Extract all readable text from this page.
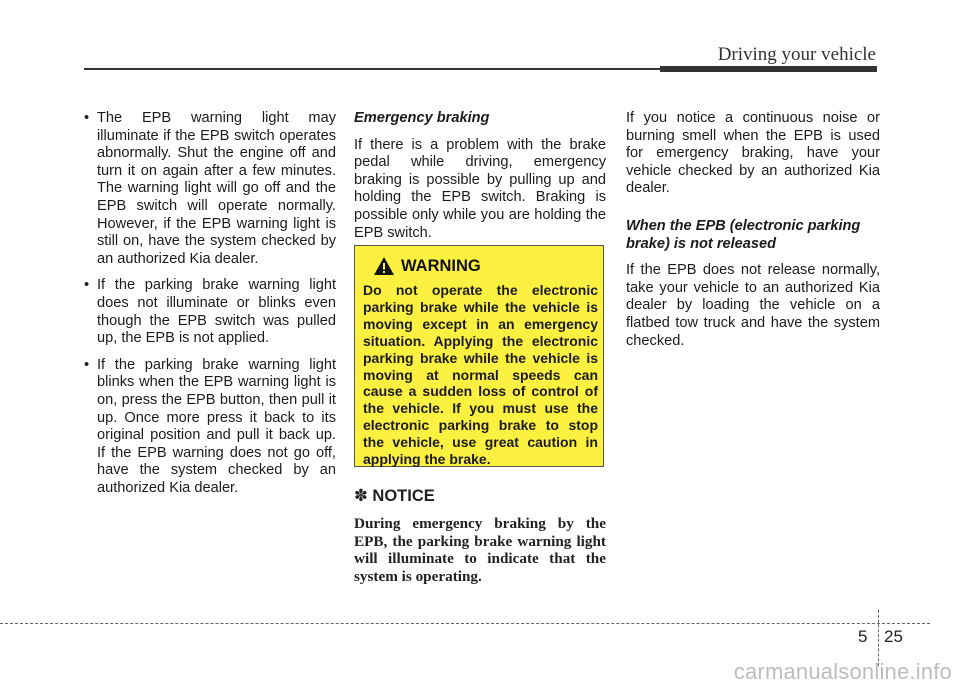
Driving your vehicle
• The EPB warning light may illuminate if the EPB switch operates abnormally. Shut the engine off and turn it on again after a few minutes. The warning light will go off and the EPB switch will operate normally. However, if the EPB warning light is still on, have the system checked by an authorized Kia dealer.
• If the parking brake warning light does not illuminate or blinks even though the EPB switch was pulled up, the EPB is not applied.
• If the parking brake warning light blinks when the EPB warning light is on, press the EPB button, then pull it up. Once more press it back to its original position and pull it back up. If the EPB warning does not go off, have the system checked by an authorized Kia dealer.

Emergency braking

If there is a problem with the brake pedal while driving, emergency braking is possible by pulling up and holding the EPB switch. Braking is possible only while you are holding the EPB switch.

WARNING
Do not operate the electronic parking brake while the vehicle is moving except in an emergency situation. Applying the electronic parking brake while the vehicle is moving at normal speeds can cause a sudden loss of control of the vehicle. If you must use the electronic parking brake to stop the vehicle, use great caution in applying the brake.

✽ NOTICE

During emergency braking by the EPB, the parking brake warning light will illuminate to indicate that the system is operating.

If you notice a continuous noise or burning smell when the EPB is used for emergency braking, have your vehicle checked by an authorized Kia dealer.

When the EPB (electronic parking brake) is not released

If the EPB does not release normally, take your vehicle to an authorized Kia dealer by loading the vehicle on a flatbed tow truck and have the system checked.

5 25
carmanualsonline.info
